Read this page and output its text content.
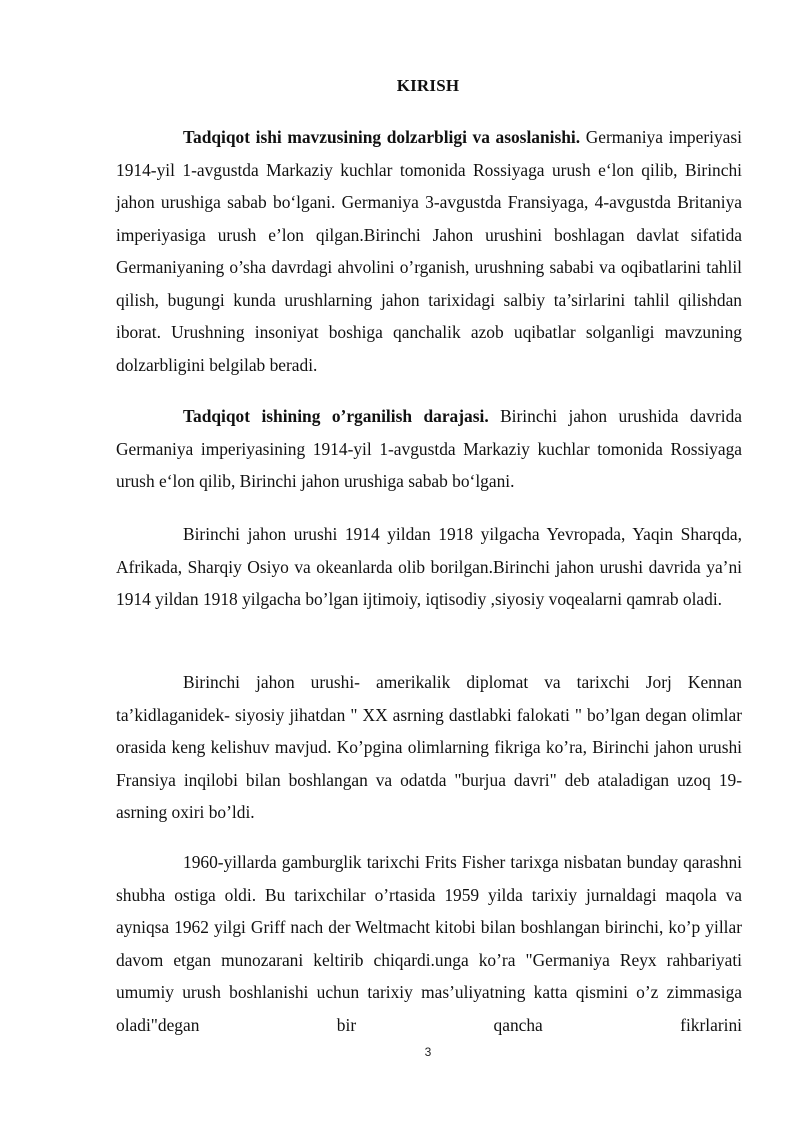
KIRISH

Tadqiqot ishi mavzusining dolzarbligi va asoslanishi. Germaniya imperiyasi 1914-yil 1-avgustda Markaziy kuchlar tomonida Rossiyaga urush e‘lon qilib, Birinchi jahon urushiga sabab bo‘lgani. Germaniya 3-avgustda Fransiyaga, 4-avgustda Britaniya imperiyasiga urush e’lon qilgan.Birinchi Jahon urushini boshlagan davlat sifatida Germaniyaning o’sha davrdagi ahvolini o’rganish, urushning sababi va oqibatlarini tahlil qilish, bugungi kunda urushlarning jahon tarixidagi salbiy ta’sirlarini tahlil qilishdan iborat. Urushning insoniyat boshiga qanchalik azob uqibatlar solganligi mavzuning dolzarbligini belgilab beradi.

Tadqiqot ishining o’rganilish darajasi. Birinchi jahon urushida davrida Germaniya imperiyasining 1914-yil 1-avgustda Markaziy kuchlar tomonida Rossiyaga urush e‘lon qilib, Birinchi jahon urushiga sabab bo‘lgani.

Birinchi jahon urushi 1914 yildan 1918 yilgacha Yevropada, Yaqin Sharqda, Afrikada, Sharqiy Osiyo va okeanlarda olib borilgan.Birinchi jahon urushi davrida ya’ni 1914 yildan 1918 yilgacha bo’lgan ijtimoiy, iqtisodiy ,siyosiy voqealarni qamrab oladi.

Birinchi jahon urushi- amerikalik diplomat va tarixchi Jorj Kennan ta’kidlaganidek- siyosiy jihatdan " XX asrning dastlabki falokati " bo’lgan degan olimlar orasida keng kelishuv mavjud. Ko’pgina olimlarning fikriga ko’ra, Birinchi jahon urushi Fransiya inqilobi bilan boshlangan va odatda "burjua davri" deb ataladigan uzoq 19-asrning oxiri bo’ldi.

1960-yillarda gamburglik tarixchi Frits Fisher tarixga nisbatan bunday qarashni shubha ostiga oldi. Bu tarixchilar o’rtasida 1959 yilda tarixiy jurnaldagi maqola va ayniqsa 1962 yilgi Griff nach der Weltmacht kitobi bilan boshlangan birinchi, ko’p yillar davom etgan munozarani keltirib chiqardi.unga ko’ra "Germaniya Reyx rahbariyati umumiy urush boshlanishi uchun tarixiy mas’uliyatning katta qismini o’z zimmasiga oladi"degan bir qancha fikrlarini

3
